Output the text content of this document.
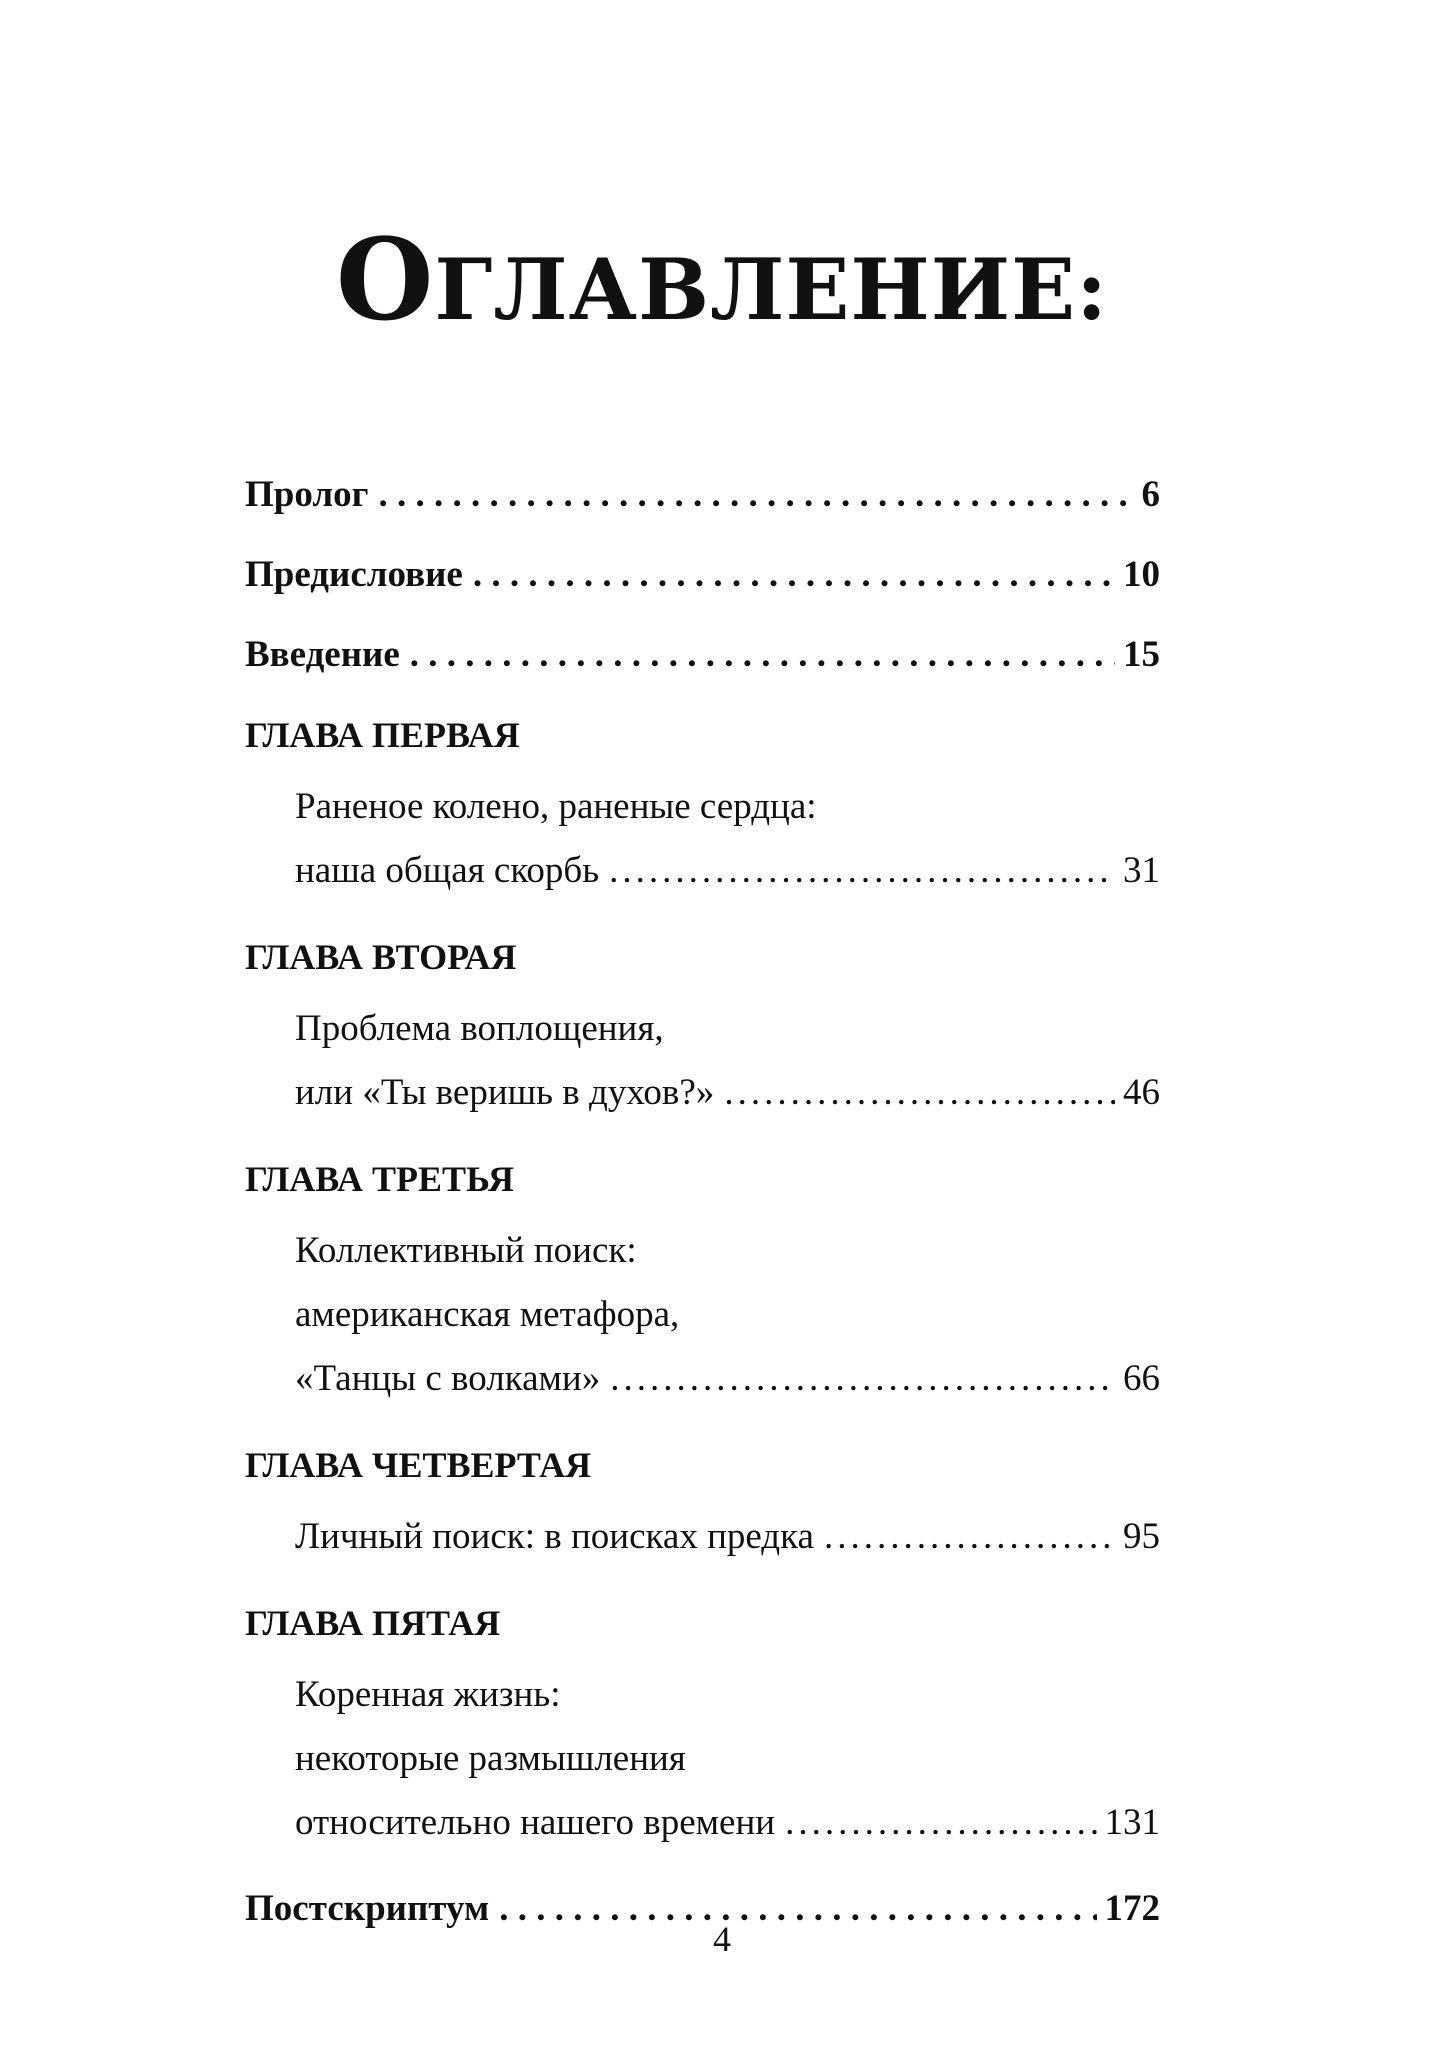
ОГЛАВЛЕНИЕ:
Пролог . . .	6
Предисловие . . .	10
Введение . . .	15
ГЛАВА ПЕРВАЯ
Раненое колено, раненые сердца:
наша общая скорбь .....	31
ГЛАВА ВТОРАЯ
Проблема воплощения,
или «Ты веришь в духов?» .....	46
ГЛАВА ТРЕТЬЯ
Коллективный поиск:
американская метафора,
«Танцы с волками» .....	66
ГЛАВА ЧЕТВЕРТАЯ
Личный поиск: в поисках предка .....	95
ГЛАВА ПЯТАЯ
Коренная жизнь:
некоторые размышления
относительно нашего времени .....	131
Постскриптум . . .	172
4
